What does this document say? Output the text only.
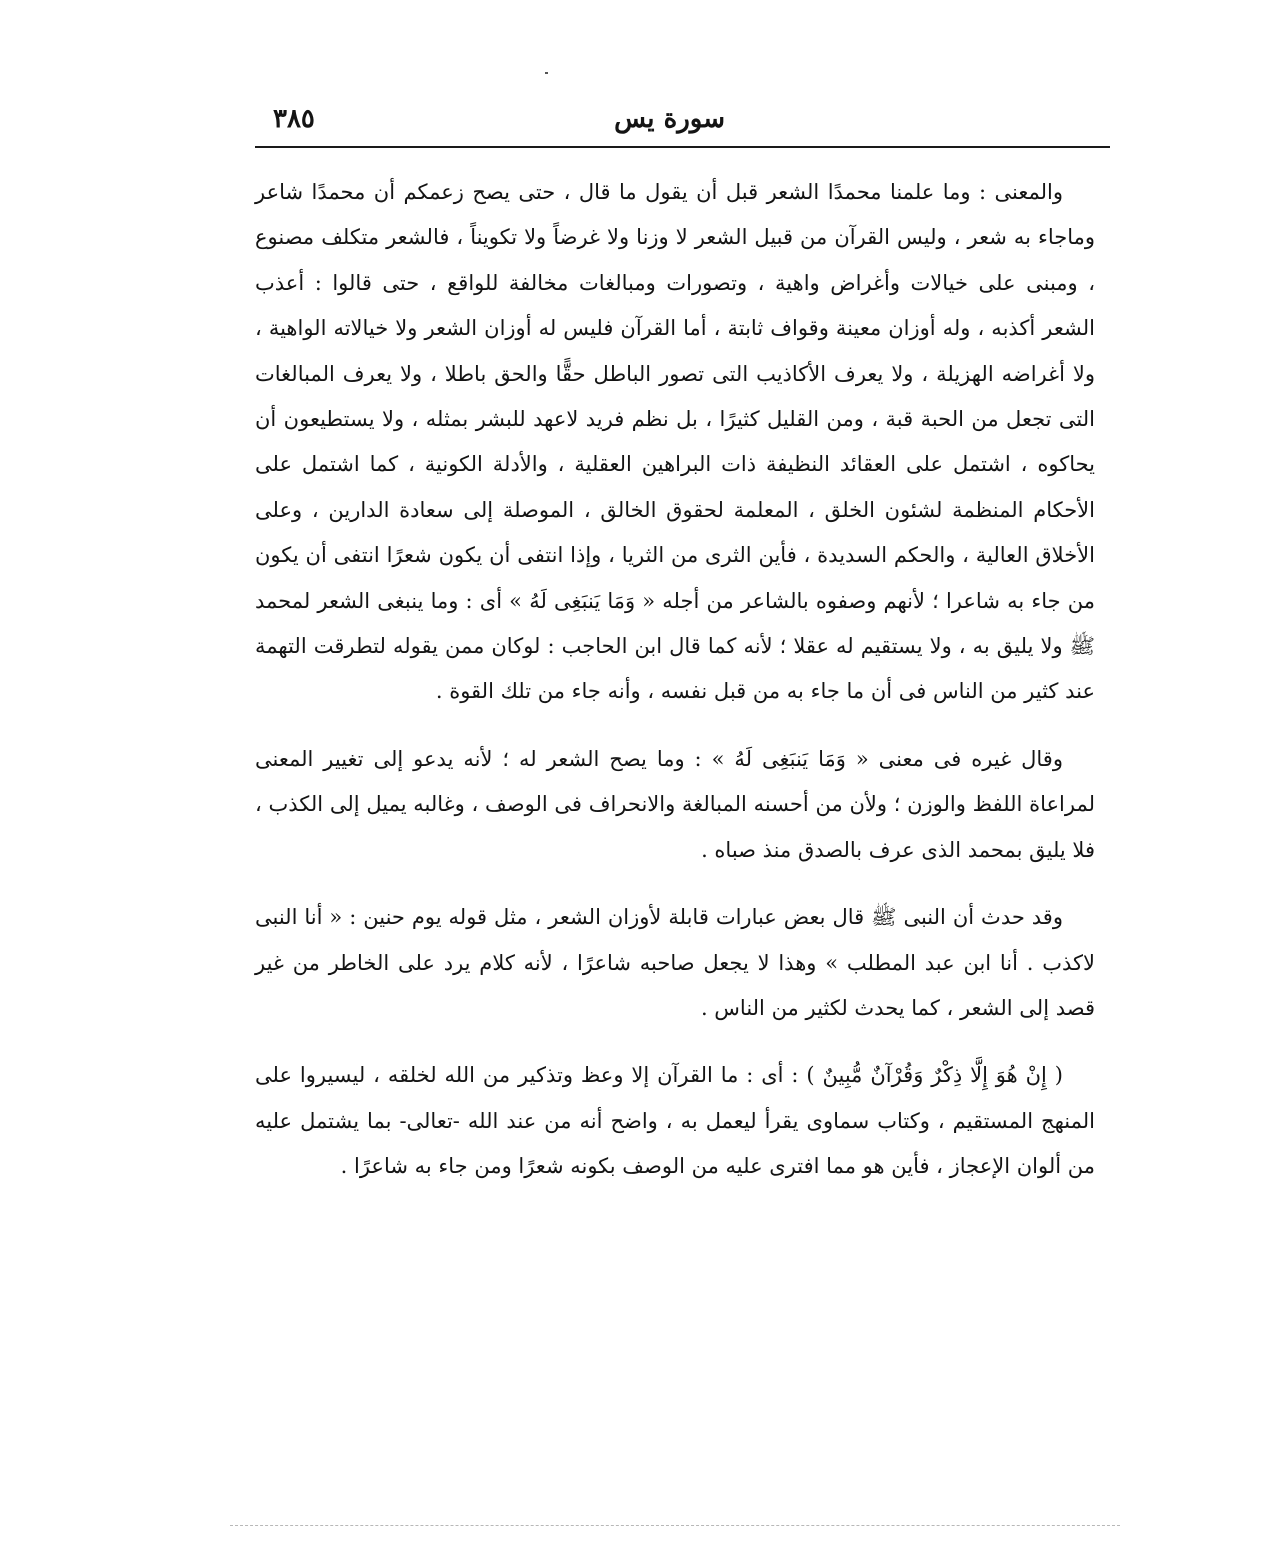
سورة يس
٣٨٥

والمعنى : وما علمنا محمدًا الشعر قبل أن يقول ما قال ، حتى يصح زعمكم أن محمدًا شاعر وماجاء به شعر ، وليس القرآن من قبيل الشعر لا وزنا ولا غرضاً ولا تكويناً ، فالشعر متكلف مصنوع ، ومبنى على خيالات وأغراض واهية ، وتصورات ومبالغات مخالفة للواقع ، حتى قالوا : أعذب الشعر أكذبه ، وله أوزان معينة وقواف ثابتة ، أما القرآن فليس له أوزان الشعر ولا خيالاته الواهية ، ولا أغراضه الهزيلة ، ولا يعرف الأكاذيب التى تصور الباطل حقًّا والحق باطلا ، ولا يعرف المبالغات التى تجعل من الحبة قبة ، ومن القليل كثيرًا ، بل نظم فريد لاعهد للبشر بمثله ، ولا يستطيعون أن يحاكوه ، اشتمل على العقائد النظيفة ذات البراهين العقلية ، والأدلة الكونية ، كما اشتمل على الأحكام المنظمة لشئون الخلق ، المعلمة لحقوق الخالق ، الموصلة إلى سعادة الدارين ، وعلى الأخلاق العالية ، والحكم السديدة ، فأين الثرى من الثريا ، وإذا انتفى أن يكون شعرًا انتفى أن يكون من جاء به شاعرا ؛ لأنهم وصفوه بالشاعر من أجله « وَمَا يَنبَغِى لَهُ » أى : وما ينبغى الشعر لمحمد ﷺ ولا يليق به ، ولا يستقيم له عقلا ؛ لأنه كما قال ابن الحاجب : لوكان ممن يقوله لتطرقت التهمة عند كثير من الناس فى أن ما جاء به من قبل نفسه ، وأنه جاء من تلك القوة .

وقال غيره فى معنى « وَمَا يَنبَغِى لَهُ » : وما يصح الشعر له ؛ لأنه يدعو إلى تغيير المعنى لمراعاة اللفظ والوزن ؛ ولأن من أحسنه المبالغة والانحراف فى الوصف ، وغالبه يميل إلى الكذب ، فلا يليق بمحمد الذى عرف بالصدق منذ صباه .

وقد حدث أن النبى ﷺ قال بعض عبارات قابلة لأوزان الشعر ، مثل قوله يوم حنين : « أنا النبى لاكذب . أنا ابن عبد المطلب » وهذا لا يجعل صاحبه شاعرًا ، لأنه كلام يرد على الخاطر من غير قصد إلى الشعر ، كما يحدث لكثير من الناس .

( إِنْ هُوَ إِلَّا ذِكْرٌ وَقُرْآنٌ مُّبِينٌ ) : أى : ما القرآن إلا وعظ وتذكير من الله لخلقه ، ليسيروا على المنهج المستقيم ، وكتاب سماوى يقرأ ليعمل به ، واضح أنه من عند الله -تعالى- بما يشتمل عليه من ألوان الإعجاز ، فأين هو مما افترى عليه من الوصف بكونه شعرًا ومن جاء به شاعرًا .
